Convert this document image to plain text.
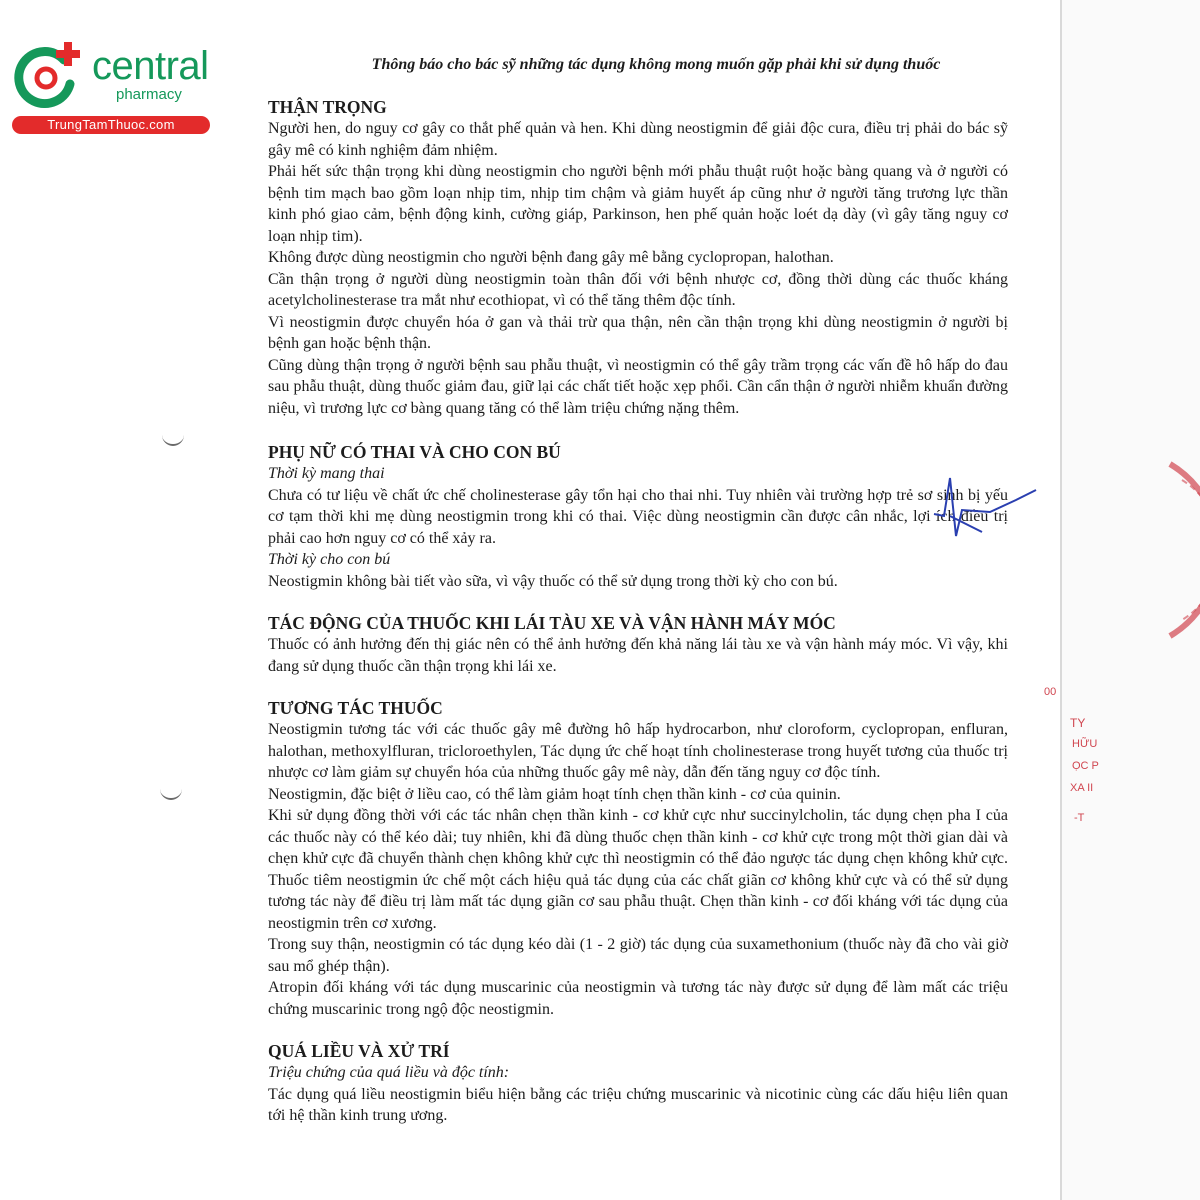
central
pharmacy
TrungTamThuoc.com
Thông báo cho bác sỹ những tác dụng không mong muốn gặp phải khi sử dụng thuốc
THẬN TRỌNG

Người hen, do nguy cơ gây co thắt phế quản và hen. Khi dùng neostigmin để giải độc cura, điều trị phải do bác sỹ gây mê có kinh nghiệm đảm nhiệm.

Phải hết sức thận trọng khi dùng neostigmin cho người bệnh mới phẫu thuật ruột hoặc bàng quang và ở người có bệnh tim mạch bao gồm loạn nhịp tim, nhịp tim chậm và giảm huyết áp cũng như ở người tăng trương lực thần kinh phó giao cảm, bệnh động kinh, cường giáp, Parkinson, hen phế quản hoặc loét dạ dày (vì gây tăng nguy cơ loạn nhịp tim).

Không được dùng neostigmin cho người bệnh đang gây mê bằng cyclopropan, halothan.

Cần thận trọng ở người dùng neostigmin toàn thân đối với bệnh nhược cơ, đồng thời dùng các thuốc kháng acetylcholinesterase tra mắt như ecothiopat, vì có thể tăng thêm độc tính.

Vì neostigmin được chuyển hóa ở gan và thải trừ qua thận, nên cần thận trọng khi dùng neostigmin ở người bị bệnh gan hoặc bệnh thận.

Cũng dùng thận trọng ở người bệnh sau phẫu thuật, vì neostigmin có thể gây trầm trọng các vấn đề hô hấp do đau sau phẫu thuật, dùng thuốc giảm đau, giữ lại các chất tiết hoặc xẹp phổi. Cần cẩn thận ở người nhiễm khuẩn đường niệu, vì trương lực cơ bàng quang tăng có thể làm triệu chứng nặng thêm.

PHỤ NỮ CÓ THAI VÀ CHO CON BÚ

Thời kỳ mang thai

Chưa có tư liệu về chất ức chế cholinesterase gây tổn hại cho thai nhi. Tuy nhiên vài trường hợp trẻ sơ sinh bị yếu cơ tạm thời khi mẹ dùng neostigmin trong khi có thai. Việc dùng neostigmin cần được cân nhắc, lợi ích điều trị phải cao hơn nguy cơ có thể xảy ra.

Thời kỳ cho con bú

Neostigmin không bài tiết vào sữa, vì vậy thuốc có thể sử dụng trong thời kỳ cho con bú.

TÁC ĐỘNG CỦA THUỐC KHI LÁI TÀU XE VÀ VẬN HÀNH MÁY MÓC

Thuốc có ảnh hưởng đến thị giác nên có thể ảnh hưởng đến khả năng lái tàu xe và vận hành máy móc. Vì vậy, khi đang sử dụng thuốc cần thận trọng khi lái xe.

TƯƠNG TÁC THUỐC

Neostigmin tương tác với các thuốc gây mê đường hô hấp hydrocarbon, như cloroform, cyclopropan, enfluran, halothan, methoxylfluran, tricloroethylen, Tác dụng ức chế hoạt tính cholinesterase trong huyết tương của thuốc trị nhược cơ làm giảm sự chuyển hóa của những thuốc gây mê này, dẫn đến tăng nguy cơ độc tính.

Neostigmin, đặc biệt ở liều cao, có thể làm giảm hoạt tính chẹn thần kinh - cơ của quinin.

Khi sử dụng đồng thời với các tác nhân chẹn thần kinh - cơ khử cực như succinylcholin, tác dụng chẹn pha I của các thuốc này có thể kéo dài; tuy nhiên, khi đã dùng thuốc chẹn thần kinh - cơ khử cực trong một thời gian dài và chẹn khử cực đã chuyển thành chẹn không khử cực thì neostigmin có thể đảo ngược tác dụng chẹn không khử cực. Thuốc tiêm neostigmin ức chế một cách hiệu quả tác dụng của các chất giãn cơ không khử cực và có thể sử dụng tương tác này để điều trị làm mất tác dụng giãn cơ sau phẫu thuật. Chẹn thần kinh - cơ đối kháng với tác dụng của neostigmin trên cơ xương.

Trong suy thận, neostigmin có tác dụng kéo dài (1 - 2 giờ) tác dụng của suxamethonium (thuốc này đã cho vài giờ sau mổ ghép thận).

Atropin đối kháng với tác dụng muscarinic của neostigmin và tương tác này được sử dụng để làm mất các triệu chứng muscarinic trong ngộ độc neostigmin.

QUÁ LIỀU VÀ XỬ TRÍ

Triệu chứng của quá liều và độc tính:

Tác dụng quá liều neostigmin biểu hiện bằng các triệu chứng muscarinic và nicotinic cùng các dấu hiệu liên quan tới hệ thần kinh trung ương.

00
TY
HỮU
ỌC P
XA II
-T
